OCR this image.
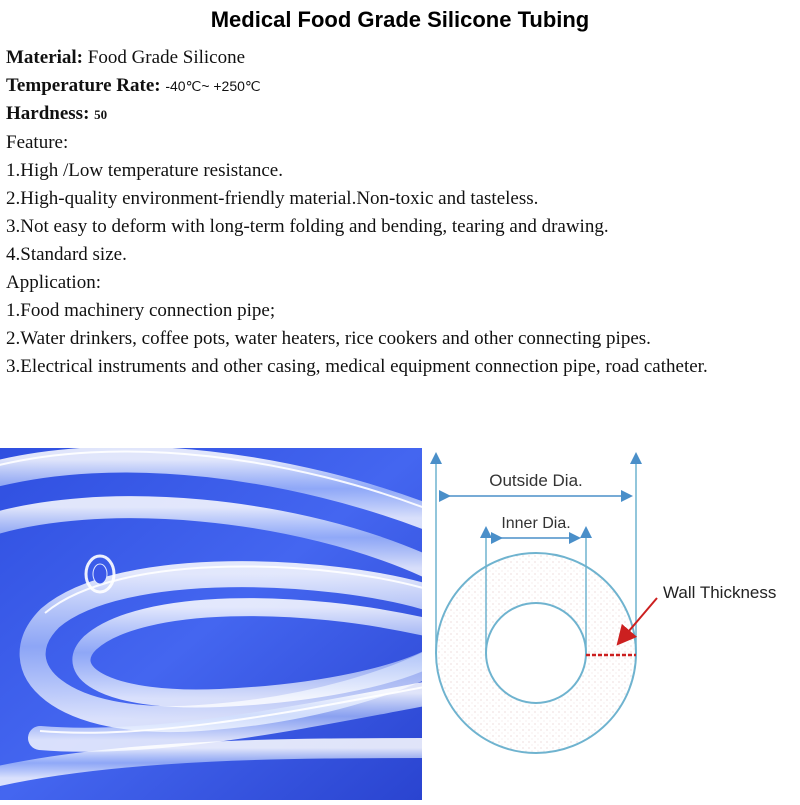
Medical Food Grade Silicone Tubing
Material: Food Grade Silicone
Temperature Rate: -40℃~ +250℃
Hardness: 50
Feature:
1.High /Low temperature resistance.
2.High-quality environment-friendly material.Non-toxic and tasteless.
3.Not easy to deform with long-term folding and bending, tearing and drawing.
4.Standard size.
Application:
1.Food machinery connection pipe;
2.Water drinkers, coffee pots, water heaters, rice cookers and other connecting pipes.
3.Electrical instruments and other casing, medical equipment connection pipe, road catheter.
Outside Dia.
Inner Dia.
Wall Thickness
